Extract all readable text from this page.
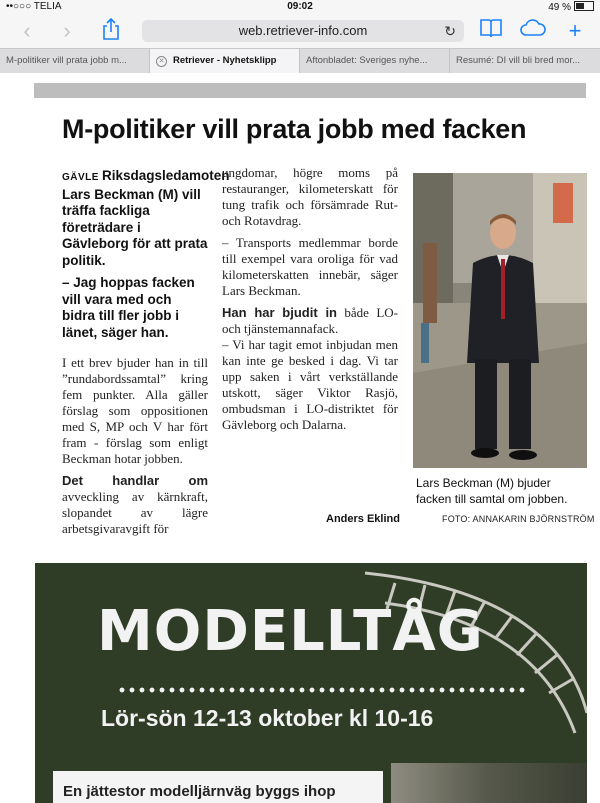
••○○○ TELIA	09:02	49 %
‹	›	web.retriever-info.com	↻	+
M-politiker vill prata jobb m...	✕ Retriever - Nyhetsklipp	Aftonbladet: Sveriges nyhe...	Resumé: DI vill bli bred mor...
M-politiker vill prata jobb med facken

GÄVLE Riksdagsledamoten Lars Beckman (M) vill träffa fackliga företrädare i Gävleborg för att prata politik.

– Jag hoppas facken vill vara med och bidra till fler jobb i länet, säger han.

I ett brev bjuder han in till ”rundabordssamtal” kring fem punkter. Alla gäller förslag som oppositionen med S, MP och V har fört fram - förslag som enligt Beckman hotar jobben.

Det handlar om avveckling av kärnkraft, slopandet av lägre arbetsgivaravgift för

ungdomar, högre moms på restauranger, kilometerskatt för tung trafik och försämrade Rut- och Rotavdrag.

– Transports medlemmar borde till exempel vara oroliga för vad kilometerskatten innebär, säger Lars Beckman.

Han har bjudit in både LO- och tjänstemannafack.

– Vi har tagit emot inbjudan men kan inte ge besked i dag. Vi tar upp saken i vårt verkställande utskott, säger Viktor Rasjö, ombudsman i LO-distriktet för Gävleborg och Dalarna.

Anders Eklind
Lars Beckman (M) bjuder facken till samtal om jobben.
FOTO: ANNAKARIN BJÖRNSTRÖM
MODELLTÅG
Lör-sön 12-13 oktober kl 10-16
En jättestor modelljärnväg byggs ihop
